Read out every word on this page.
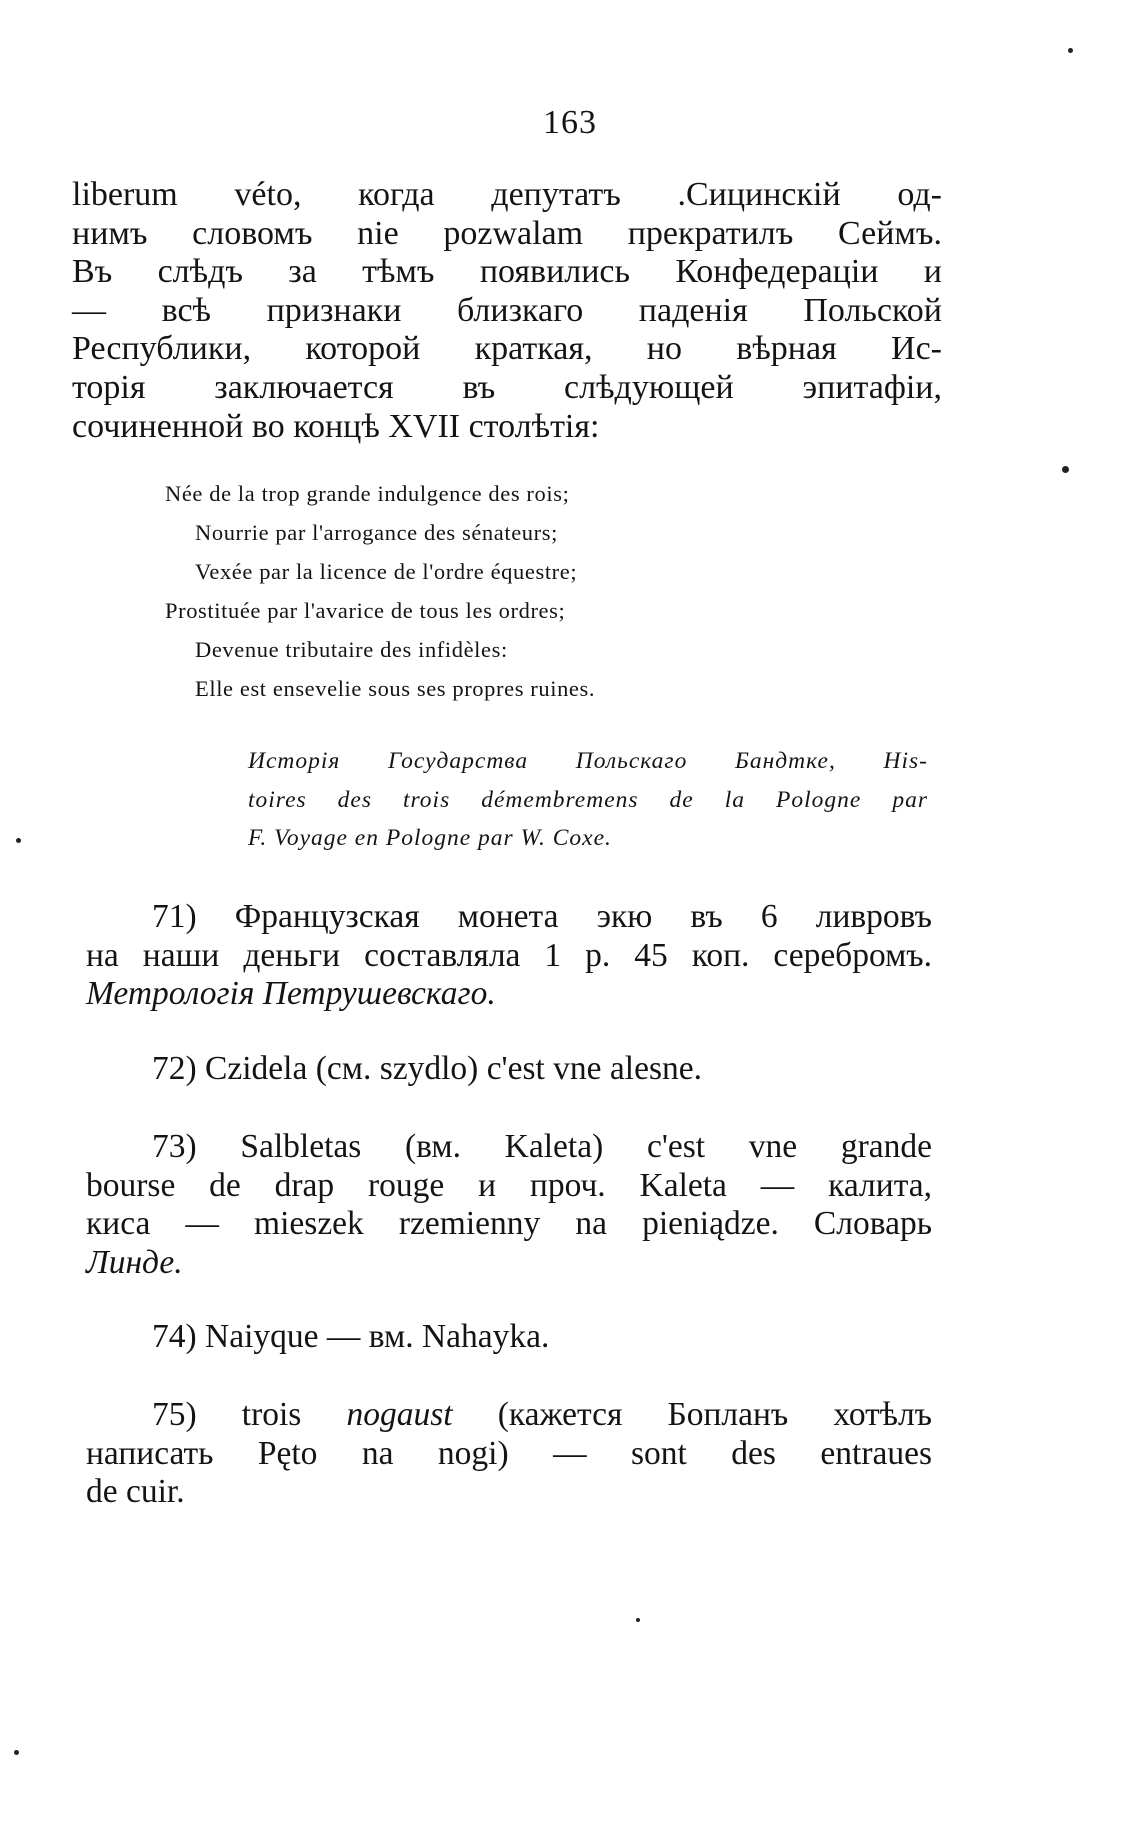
163
liberum véto, когда депутатъ .Сицинскій од-
нимъ словомъ nie pozwalam прекратилъ Сеймъ.
Въ слѣдъ за тѣмъ появились Конфедераціи и
— всѣ признаки близкаго паденія Польской
Республики, которой краткая, но вѣрная Ис-
торія заключается въ слѣдующей эпитафіи,
сочиненной во концѣ XVII столѣтія:
Née de la trop grande indulgence des rois;
Nourrie par l'arrogance des sénateurs;
Vexée par la licence de l'ordre équestre;
Prostituée par l'avarice de tous les ordres;
Devenue tributaire des infidèles:
Elle est ensevelie sous ses propres ruines.
Исторія Государства Польскаго Бандтке, His-
toires des trois démembremens de la Pologne par
F. Voyage en Pologne par W. Coxe.
71) Французская монета экю въ 6 ливровъ
на наши деньги составляла 1 р. 45 коп. серебромъ.
Метрологія Петрушевскаго.
72) Czidela (см. szydlo) c'est vne alesne.
73) Salbletas (вм. Kaleta) c'est vne grande
bourse de drap rouge и проч. Kaleta — калита,
киса — mieszek rzemienny na pieniądze. Словарь
Линде.
74) Naiyque — вм. Nahayka.
75) trois nogaust (кажется Бопланъ хотѣлъ
написать Pęto na nogi) — sont des entraues
de cuir.
